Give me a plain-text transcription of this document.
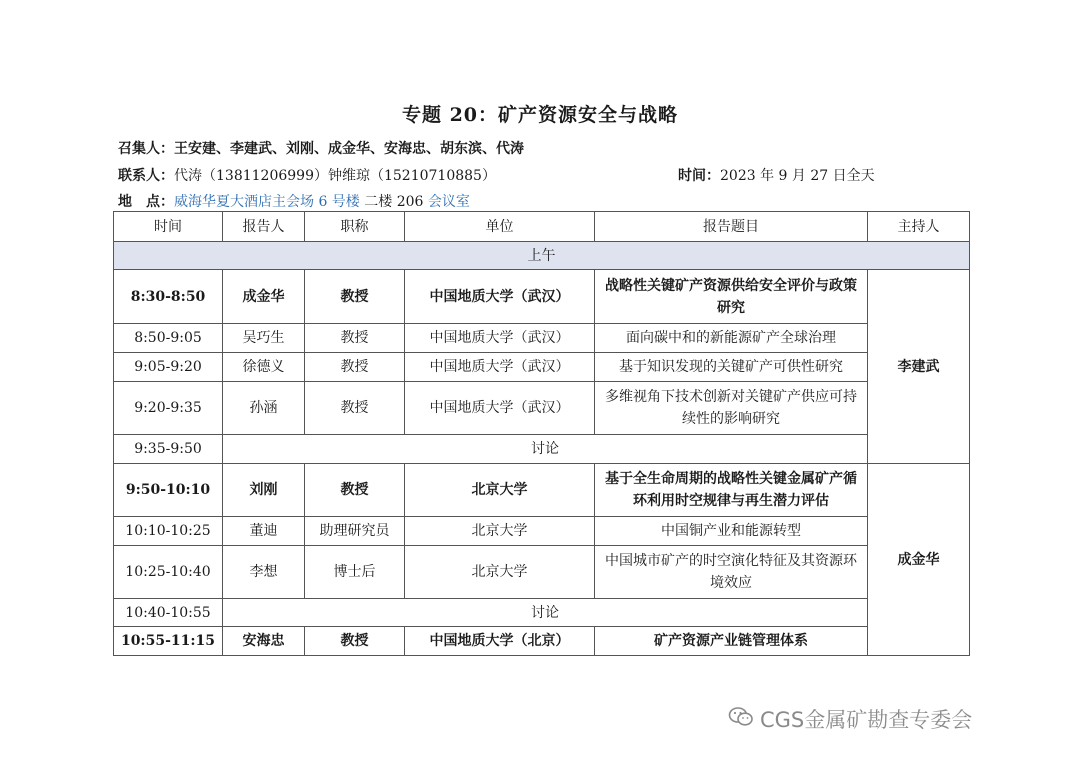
专题 20：矿产资源安全与战略
召集人：王安建、李建武、刘刚、成金华、安海忠、胡东滨、代涛
联系人：代涛（13811206999）钟维琼（15210710885）	时间：2023 年 9 月 27 日全天
地　点：威海华夏大酒店主会场 6 号楼 二楼 206 会议室
时间	报告人	职称	单位	报告题目	主持人
上午					
8:30-8:50	成金华	教授	中国地质大学（武汉）	战略性关键矿产资源供给安全评价与政策研究	李建武
8:50-9:05	吴巧生	教授	中国地质大学（武汉）	面向碳中和的新能源矿产全球治理	
9:05-9:20	徐德义	教授	中国地质大学（武汉）	基于知识发现的关键矿产可供性研究	
9:20-9:35	孙涵	教授	中国地质大学（武汉）	多维视角下技术创新对关键矿产供应可持续性的影响研究	
9:35-9:50	讨论				
9:50-10:10	刘刚	教授	北京大学	基于全生命周期的战略性关键金属矿产循环利用时空规律与再生潜力评估	成金华
10:10-10:25	董迪	助理研究员	北京大学	中国铜产业和能源转型	
10:25-10:40	李想	博士后	北京大学	中国城市矿产的时空演化特征及其资源环境效应	
10:40-10:55	讨论				
10:55-11:15	安海忠	教授	中国地质大学（北京）	矿产资源产业链管理体系	
CGS金属矿勘查专委会
